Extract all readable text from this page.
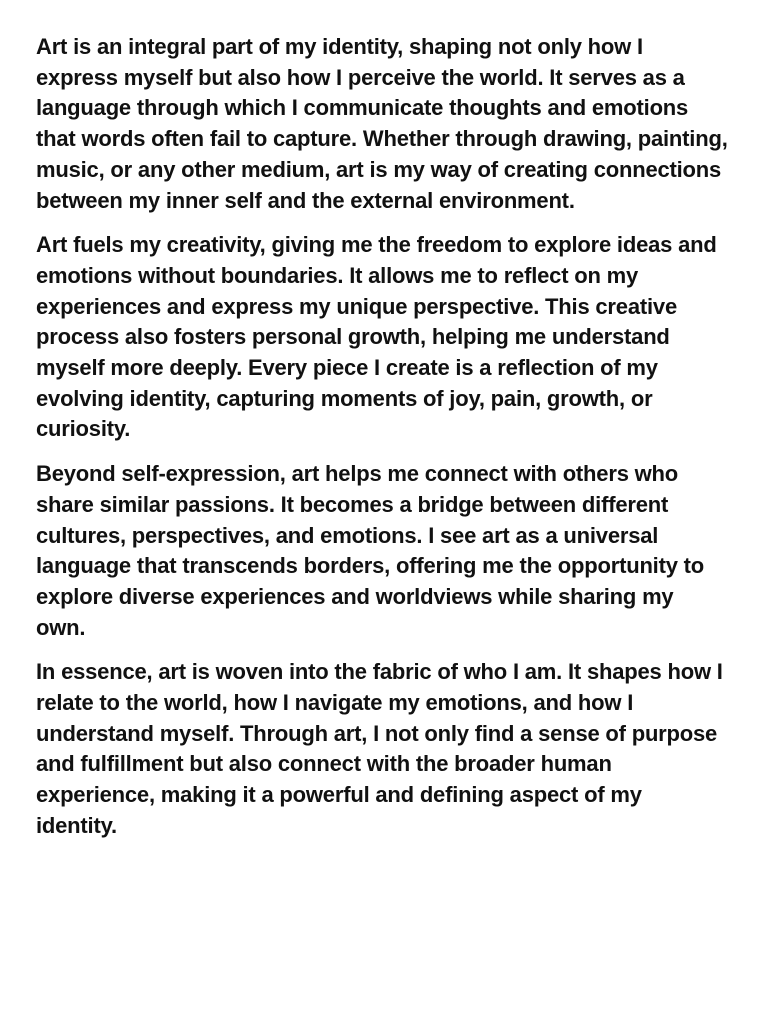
Art is an integral part of my identity, shaping not only how I express myself but also how I perceive the world. It serves as a language through which I communicate thoughts and emotions that words often fail to capture. Whether through drawing, painting, music, or any other medium, art is my way of creating connections between my inner self and the external environment.

Art fuels my creativity, giving me the freedom to explore ideas and emotions without boundaries. It allows me to reflect on my experiences and express my unique perspective. This creative process also fosters personal growth, helping me understand myself more deeply. Every piece I create is a reflection of my evolving identity, capturing moments of joy, pain, growth, or curiosity.

Beyond self-expression, art helps me connect with others who share similar passions. It becomes a bridge between different cultures, perspectives, and emotions. I see art as a universal language that transcends borders, offering me the opportunity to explore diverse experiences and worldviews while sharing my own.

In essence, art is woven into the fabric of who I am. It shapes how I relate to the world, how I navigate my emotions, and how I understand myself. Through art, I not only find a sense of purpose and fulfillment but also connect with the broader human experience, making it a powerful and defining aspect of my identity.
